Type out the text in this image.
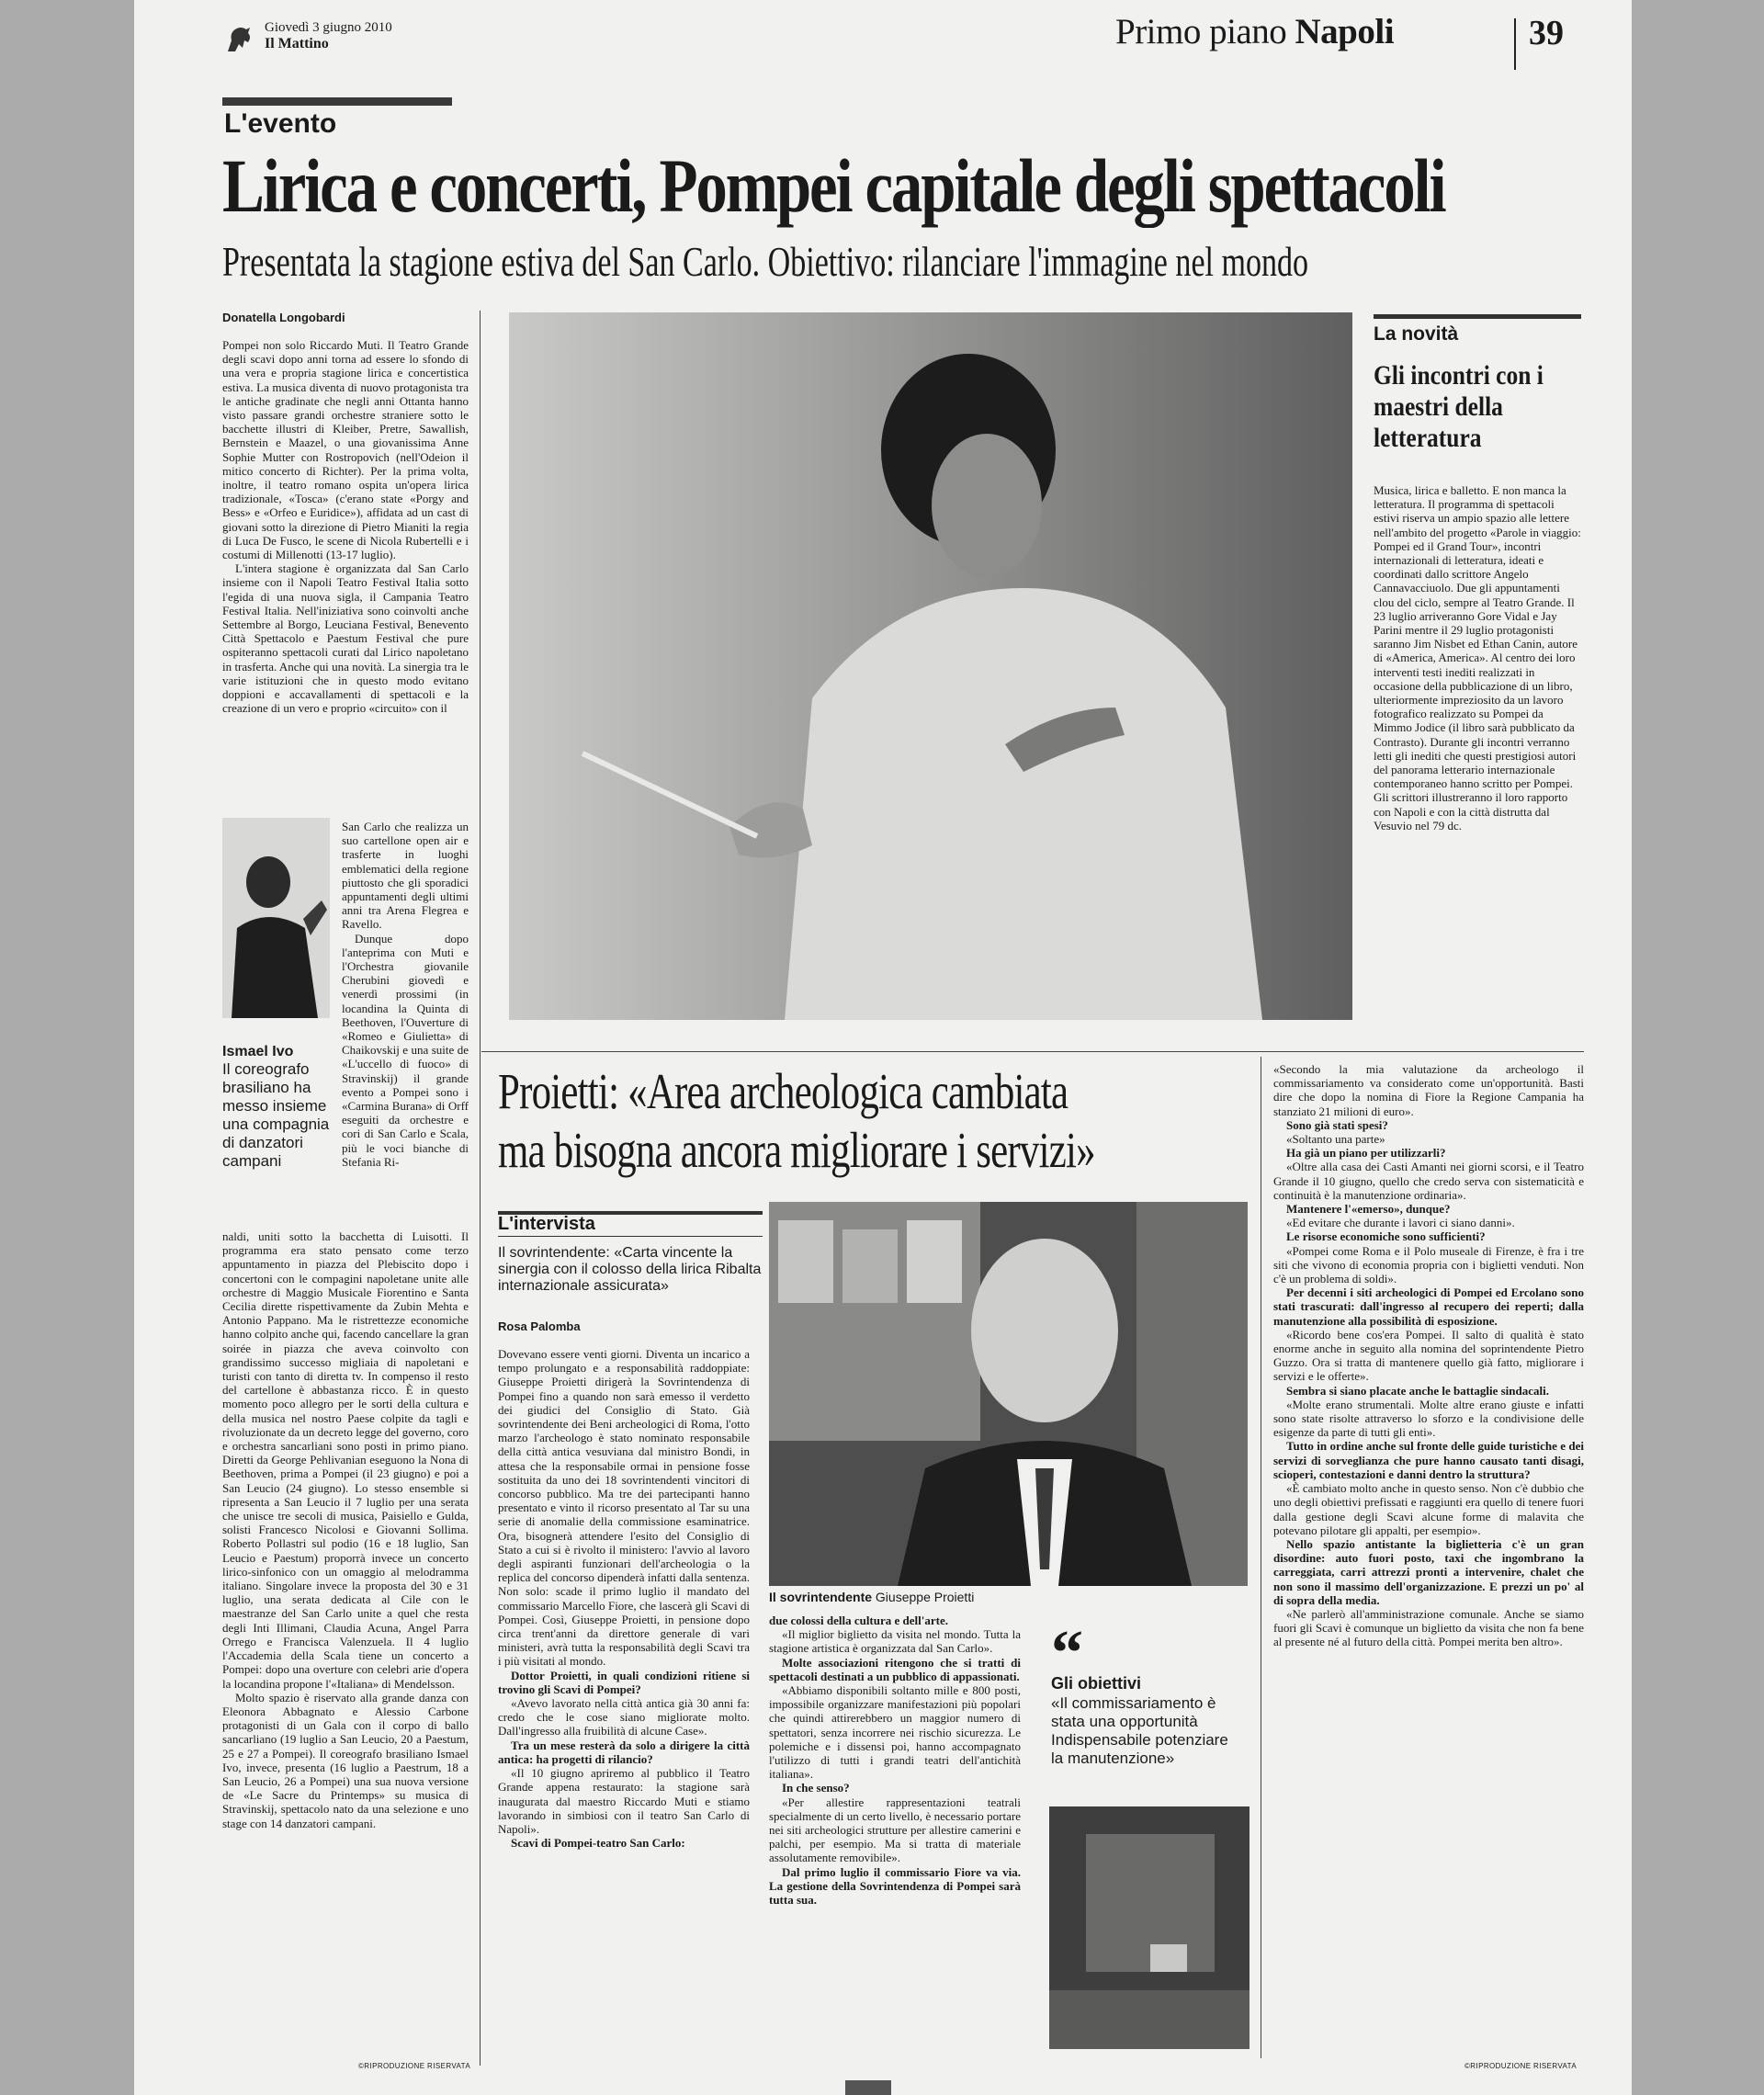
Giovedì 3 giugno 2010
Il Mattino	Primo piano Napoli	39
L'evento
Lirica e concerti, Pompei capitale degli spettacoli
Presentata la stagione estiva del San Carlo. Obiettivo: rilanciare l'immagine nel mondo
Donatella Longobardi

Pompei non solo Riccardo Muti. Il Teatro Grande degli scavi dopo anni torna ad essere lo sfondo di una vera e propria stagione lirica e concertistica estiva. La musica diventa di nuovo protagonista tra le antiche gradinate che negli anni Ottanta hanno visto passare grandi orchestre straniere sotto le bacchette illustri di Kleiber, Pretre, Sawallish, Bernstein e Maazel, o una giovanissima Anne Sophie Mutter con Rostropovich (nell'Odeion il mitico concerto di Richter). Per la prima volta, inoltre, il teatro romano ospita un'opera lirica tradizionale, «Tosca» (c'erano state «Porgy and Bess» e «Orfeo e Euridice»), affidata ad un cast di giovani sotto la direzione di Pietro Mianiti la regia di Luca De Fusco, le scene di Nicola Rubertelli e i costumi di Millenotti (13-17 luglio).

L'intera stagione è organizzata dal San Carlo insieme con il Napoli Teatro Festival Italia sotto l'egida di una nuova sigla, il Campania Teatro Festival Italia. Nell'iniziativa sono coinvolti anche Settembre al Borgo, Leuciana Festival, Benevento Città Spettacolo e Paestum Festival che pure ospiteranno spettacoli curati dal Lirico napoletano in trasferta. Anche qui una novità. La sinergia tra le varie istituzioni che in questo modo evitano doppioni e accavallamenti di spettacoli e la creazione di un vero e proprio «circuito» con il

San Carlo che realizza un suo cartellone open air e trasferte in luoghi emblematici della regione piuttosto che gli sporadici appuntamenti degli ultimi anni tra Arena Flegrea e Ravello.

Dunque dopo l'anteprima con Muti e l'Orchestra giovanile Cherubini giovedì e venerdì prossimi (in locandina la Quinta di Beethoven, l'Ouverture di «Romeo e Giulietta» di Chaikovskij e una suite de «L'uccello di fuoco» di Stravinskij) il grande evento a Pompei sono i «Carmina Burana» di Orff eseguiti da orchestre e cori di San Carlo e Scala, più le voci bianche di Stefania Ri-

Ismael Ivo
Il coreografo brasiliano ha messo insieme una compagnia di danzatori campani

naldi, uniti sotto la bacchetta di Luisotti. Il programma era stato pensato come terzo appuntamento in piazza del Plebiscito dopo i concertoni con le compagini napoletane unite alle orchestre di Maggio Musicale Fiorentino e Santa Cecilia dirette rispettivamente da Zubin Mehta e Antonio Pappano. Ma le ristrettezze economiche hanno colpito anche qui, facendo cancellare la gran soirée in piazza che aveva coinvolto con grandissimo successo migliaia di napoletani e turisti con tanto di diretta tv. In compenso il resto del cartellone è abbastanza ricco. È in questo momento poco allegro per le sorti della cultura e della musica nel nostro Paese colpite da tagli e rivoluzionate da un decreto legge del governo, coro e orchestra sancarliani sono posti in primo piano. Diretti da George Pehlivanian eseguono la Nona di Beethoven, prima a Pompei (il 23 giugno) e poi a San Leucio (24 giugno). Lo stesso ensemble si ripresenta a San Leucio il 7 luglio per una serata che unisce tre secoli di musica, Paisiello e Gulda, solisti Francesco Nicolosi e Giovanni Sollima. Roberto Pollastri sul podio (16 e 18 luglio, San Leucio e Paestum) proporrà invece un concerto lirico-sinfonico con un omaggio al melodramma italiano. Singolare invece la proposta del 30 e 31 luglio, una serata dedicata al Cile con le maestranze del San Carlo unite a quel che resta degli Inti Illimani, Claudia Acuna, Angel Parra Orrego e Francisca Valenzuela. Il 4 luglio l'Accademia della Scala tiene un concerto a Pompei: dopo una overture con celebri arie d'opera la locandina propone l'«Italiana» di Mendelsson.

Molto spazio è riservato alla grande danza con Eleonora Abbagnato e Alessio Carbone protagonisti di un Gala con il corpo di ballo sancarliano (19 luglio a San Leucio, 20 a Paestum, 25 e 27 a Pompei). Il coreografo brasiliano Ismael Ivo, invece, presenta (16 luglio a Paestrum, 18 a San Leucio, 26 a Pompei) una sua nuova versione de «Le Sacre du Printemps» su musica di Stravinskij, spettacolo nato da una selezione e uno stage con 14 danzatori campani.

©RIPRODUZIONE RISERVATA
La novità
Gli incontri con i maestri della letteratura

Musica, lirica e balletto. E non manca la letteratura. Il programma di spettacoli estivi riserva un ampio spazio alle lettere nell'ambito del progetto «Parole in viaggio: Pompei ed il Grand Tour», incontri internazionali di letteratura, ideati e coordinati dallo scrittore Angelo Cannavacciuolo. Due gli appuntamenti clou del ciclo, sempre al Teatro Grande. Il 23 luglio arriveranno Gore Vidal e Jay Parini mentre il 29 luglio protagonisti saranno Jim Nisbet ed Ethan Canin, autore di «America, America». Al centro dei loro interventi testi inediti realizzati in occasione della pubblicazione di un libro, ulteriormente impreziosito da un lavoro fotografico realizzato su Pompei da Mimmo Jodice (il libro sarà pubblicato da Contrasto). Durante gli incontri verranno letti gli inediti che questi prestigiosi autori del panorama letterario internazionale contemporaneo hanno scritto per Pompei. Gli scrittori illustreranno il loro rapporto con Napoli e con la città distrutta dal Vesuvio nel 79 dc.

Proietti: «Area archeologica cambiata
ma bisogna ancora migliorare i servizi»
L'intervista
Il sovrintendente: «Carta vincente la sinergia con il colosso della lirica Ribalta internazionale assicurata»
Rosa Palomba

Dovevano essere venti giorni. Diventa un incarico a tempo prolungato e a responsabilità raddoppiate: Giuseppe Proietti dirigerà la Sovrintendenza di Pompei fino a quando non sarà emesso il verdetto dei giudici del Consiglio di Stato. Già sovrintendente dei Beni archeologici di Roma, l'otto marzo l'archeologo è stato nominato responsabile della città antica vesuviana dal ministro Bondi, in attesa che la responsabile ormai in pensione fosse sostituita da uno dei 18 sovrintendenti vincitori di concorso pubblico. Ma tre dei partecipanti hanno presentato e vinto il ricorso presentato al Tar su una serie di anomalie della commissione esaminatrice. Ora, bisognerà attendere l'esito del Consiglio di Stato a cui si è rivolto il ministero: l'avvio al lavoro degli aspiranti funzionari dell'archeologia o la replica del concorso dipenderà infatti dalla sentenza. Non solo: scade il primo luglio il mandato del commissario Marcello Fiore, che lascerà gli Scavi di Pompei. Così, Giuseppe Proietti, in pensione dopo circa trent'anni da direttore generale di vari ministeri, avrà tutta la responsabilità degli Scavi tra i più visitati al mondo.

Dottor Proietti, in quali condizioni ritiene si trovino gli Scavi di Pompei?

«Avevo lavorato nella città antica già 30 anni fa: credo che le cose siano migliorate molto. Dall'ingresso alla fruibilità di alcune Case».

Tra un mese resterà da solo a dirigere la città antica: ha progetti di rilancio?

«Il 10 giugno apriremo al pubblico il Teatro Grande appena restaurato: la stagione sarà inaugurata dal maestro Riccardo Muti e stiamo lavorando in simbiosi con il teatro San Carlo di Napoli».

Scavi di Pompei-teatro San Carlo:

Il sovrintendente Giuseppe Proietti

due colossi della cultura e dell'arte.

«Il miglior biglietto da visita nel mondo. Tutta la stagione artistica è organizzata dal San Carlo».

Molte associazioni ritengono che si tratti di spettacoli destinati a un pubblico di appassionati.

«Abbiamo disponibili soltanto mille e 800 posti, impossibile organizzare manifestazioni più popolari che quindi attirerebbero un maggior numero di spettatori, senza incorrere nei rischio sicurezza. Le polemiche e i dissensi poi, hanno accompagnato l'utilizzo di tutti i grandi teatri dell'antichità italiana».

In che senso?

«Per allestire rappresentazioni teatrali specialmente di un certo livello, è necessario portare nei siti archeologici strutture per allestire camerini e palchi, per esempio. Ma si tratta di materiale assolutamente removibile».

Dal primo luglio il commissario Fiore va via. La gestione della Sovrintendenza di Pompei sarà tutta sua.

“
Gli obiettivi
«Il commissariamento è stata una opportunità Indispensabile potenziare la manutenzione»

«Secondo la mia valutazione da archeologo il commissariamento va considerato come un'opportunità. Basti dire che dopo la nomina di Fiore la Regione Campania ha stanziato 21 milioni di euro».

Sono già stati spesi?

«Soltanto una parte»

Ha già un piano per utilizzarli?

«Oltre alla casa dei Casti Amanti nei giorni scorsi, e il Teatro Grande il 10 giugno, quello che credo serva con sistematicità e continuità è la manutenzione ordinaria».

Mantenere l'«emerso», dunque?

«Ed evitare che durante i lavori ci siano danni».

Le risorse economiche sono sufficienti?

«Pompei come Roma e il Polo museale di Firenze, è fra i tre siti che vivono di economia propria con i biglietti venduti. Non c'è un problema di soldi».

Per decenni i siti archeologici di Pompei ed Ercolano sono stati trascurati: dall'ingresso al recupero dei reperti; dalla manutenzione alla possibilità di esposizione.

«Ricordo bene cos'era Pompei. Il salto di qualità è stato enorme anche in seguito alla nomina del soprintendente Pietro Guzzo. Ora si tratta di mantenere quello già fatto, migliorare i servizi e le offerte».

Sembra si siano placate anche le battaglie sindacali.

«Molte erano strumentali. Molte altre erano giuste e infatti sono state risolte attraverso lo sforzo e la condivisione delle esigenze da parte di tutti gli enti».

Tutto in ordine anche sul fronte delle guide turistiche e dei servizi di sorveglianza che pure hanno causato tanti disagi, scioperi, contestazioni e danni dentro la struttura?

«È cambiato molto anche in questo senso. Non c'è dubbio che uno degli obiettivi prefissati e raggiunti era quello di tenere fuori dalla gestione degli Scavi alcune forme di malavita che potevano pilotare gli appalti, per esempio».

Nello spazio antistante la biglietteria c'è un gran disordine: auto fuori posto, taxi che ingombrano la carreggiata, carri attrezzi pronti a intervenire, chalet che non sono il massimo dell'organizzazione. E prezzi un po' al di sopra della media.

«Ne parlerò all'amministrazione comunale. Anche se siamo fuori gli Scavi è comunque un biglietto da visita che non fa bene al presente né al futuro della città. Pompei merita ben altro».

©RIPRODUZIONE RISERVATA
